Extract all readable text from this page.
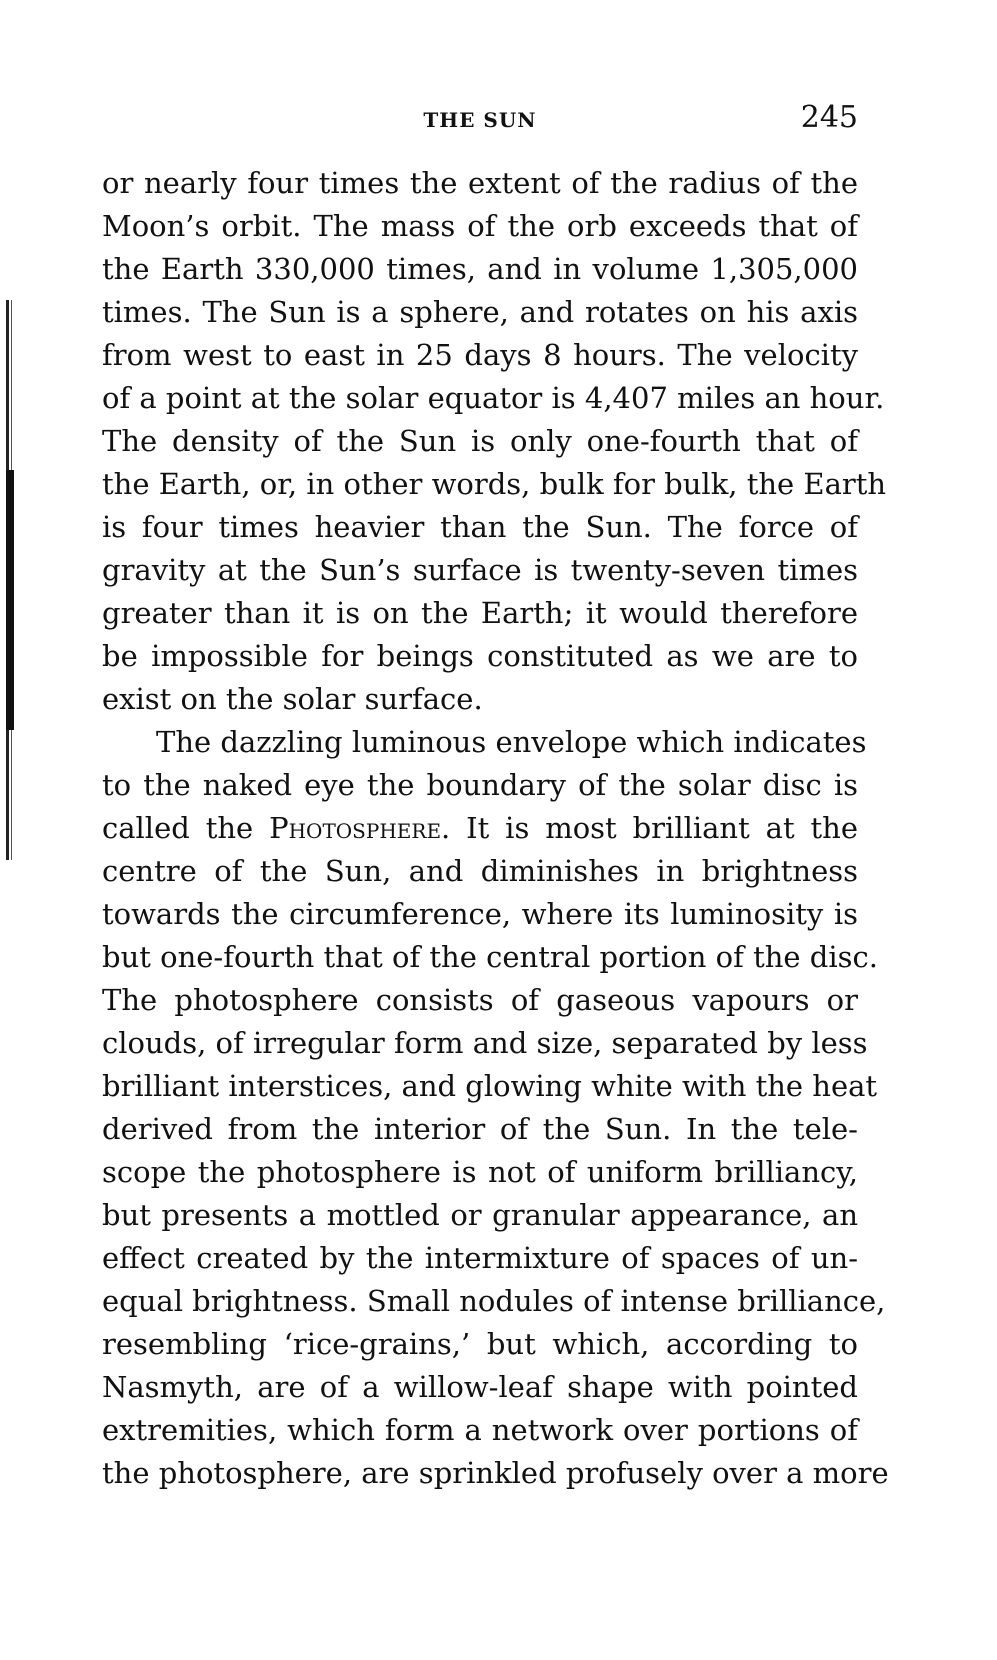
THE SUN	245
or nearly four times the extent of the radius of the
Moon’s orbit. The mass of the orb exceeds that of
the Earth 330,000 times, and in volume 1,305,000
times. The Sun is a sphere, and rotates on his axis
from west to east in 25 days 8 hours. The velocity
of a point at the solar equator is 4,407 miles an hour.
The density of the Sun is only one-fourth that of
the Earth, or, in other words, bulk for bulk, the Earth
is four times heavier than the Sun. The force of
gravity at the Sun’s surface is twenty-seven times
greater than it is on the Earth; it would therefore
be impossible for beings constituted as we are to
exist on the solar surface.
The dazzling luminous envelope which indicates
to the naked eye the boundary of the solar disc is
called the Photosphere. It is most brilliant at the
centre of the Sun, and diminishes in brightness
towards the circumference, where its luminosity is
but one-fourth that of the central portion of the disc.
The photosphere consists of gaseous vapours or
clouds, of irregular form and size, separated by less
brilliant interstices, and glowing white with the heat
derived from the interior of the Sun. In the tele-
scope the photosphere is not of uniform brilliancy,
but presents a mottled or granular appearance, an
effect created by the intermixture of spaces of un-
equal brightness. Small nodules of intense brilliance,
resembling ‘rice-grains,’ but which, according to
Nasmyth, are of a willow-leaf shape with pointed
extremities, which form a network over portions of
the photosphere, are sprinkled profusely over a more
